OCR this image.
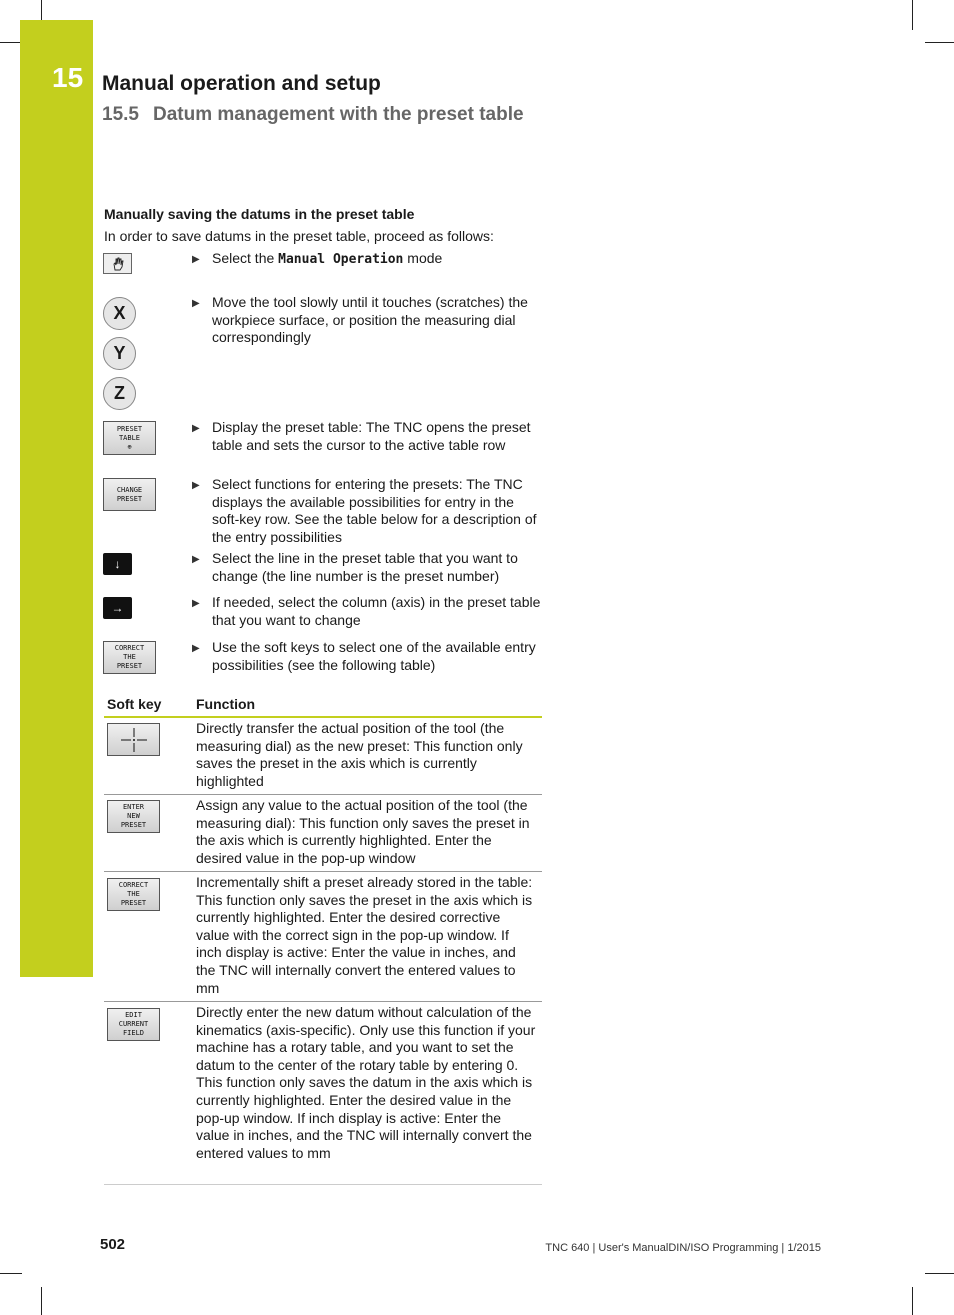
15 Manual operation and setup
15.5 Datum management with the preset table
Manually saving the datums in the preset table
In order to save datums in the preset table, proceed as follows:
▶ Select the Manual Operation mode
X
Y
Z
▶ Move the tool slowly until it touches (scratches) the workpiece surface, or position the measuring dial correspondingly
PRESET
TABLE
⊕
▶ Display the preset table: The TNC opens the preset table and sets the cursor to the active table row
CHANGE
PRESET
▶ Select functions for entering the presets: The TNC displays the available possibilities for entry in the soft-key row. See the table below for a description of the entry possibilities
↓	▶ Select the line in the preset table that you want to change (the line number is the preset number)
→	▶ If needed, select the column (axis) in the preset table that you want to change
CORRECT
THE
PRESET
▶ Use the soft keys to select one of the available entry possibilities (see the following table)
Soft key Function
Directly transfer the actual position of the tool (the measuring dial) as the new preset: This function only saves the preset in the axis which is currently highlighted
ENTER
NEW
PRESET
Assign any value to the actual position of the tool (the measuring dial): This function only saves the preset in the axis which is currently highlighted. Enter the desired value in the pop-up window
CORRECT
THE
PRESET
Incrementally shift a preset already stored in the table: This function only saves the preset in the axis which is currently highlighted. Enter the desired corrective value with the correct sign in the pop-up window. If inch display is active: Enter the value in inches, and the TNC will internally convert the entered values to mm
EDIT
CURRENT
FIELD
Directly enter the new datum without calculation of the kinematics (axis-specific). Only use this function if your machine has a rotary table, and you want to set the datum to the center of the rotary table by entering 0. This function only saves the datum in the axis which is currently highlighted. Enter the desired value in the pop-up window. If inch display is active: Enter the value in inches, and the TNC will internally convert the entered values to mm
502	TNC 640 | User's ManualDIN/ISO Programming | 1/2015
